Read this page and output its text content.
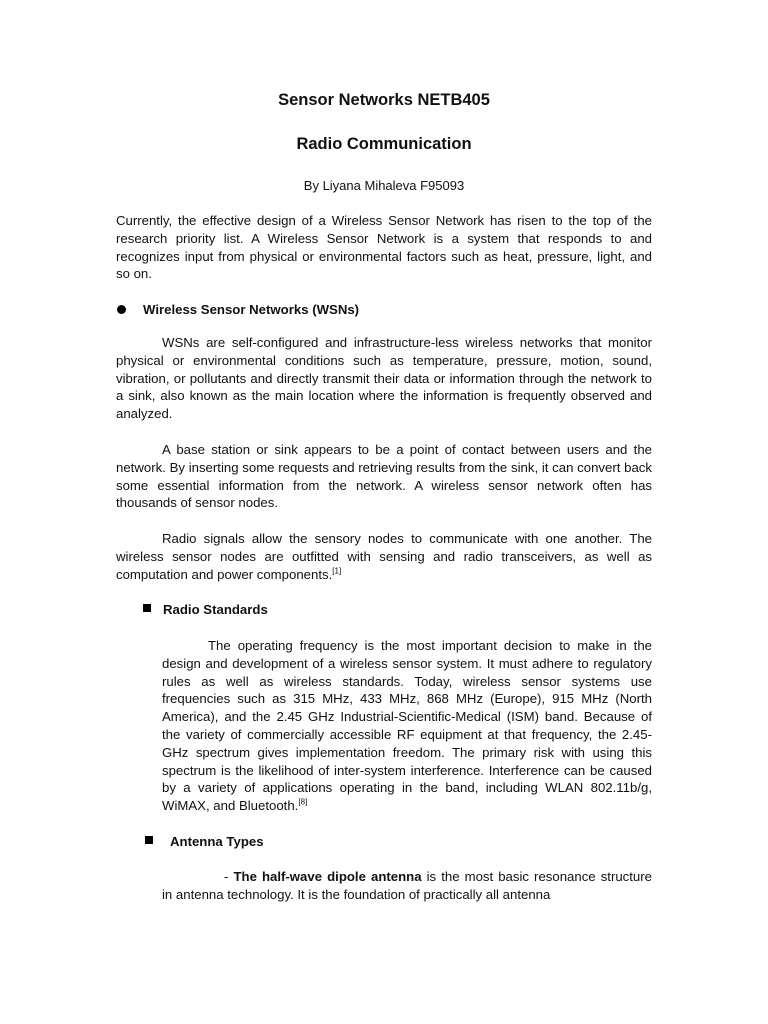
Sensor Networks NETB405
Radio Communication
By Liyana Mihaleva F95093

Currently, the effective design of a Wireless Sensor Network has risen to the top of the research priority list. A Wireless Sensor Network is a system that responds to and recognizes input from physical or environmental factors such as heat, pressure, light, and so on.

Wireless Sensor Networks (WSNs)

WSNs are self-configured and infrastructure-less wireless networks that monitor physical or environmental conditions such as temperature, pressure, motion, sound, vibration, or pollutants and directly transmit their data or information through the network to a sink, also known as the main location where the information is frequently observed and analyzed.

A base station or sink appears to be a point of contact between users and the network. By inserting some requests and retrieving results from the sink, it can convert back some essential information from the network. A wireless sensor network often has thousands of sensor nodes.

Radio signals allow the sensory nodes to communicate with one another. The wireless sensor nodes are outfitted with sensing and radio transceivers, as well as computation and power components.[1]

Radio Standards

The operating frequency is the most important decision to make in the design and development of a wireless sensor system. It must adhere to regulatory rules as well as wireless standards. Today, wireless sensor systems use frequencies such as 315 MHz, 433 MHz, 868 MHz (Europe), 915 MHz (North America), and the 2.45 GHz Industrial-Scientific-Medical (ISM) band. Because of the variety of commercially accessible RF equipment at that frequency, the 2.45-GHz spectrum gives implementation freedom. The primary risk with using this spectrum is the likelihood of inter-system interference. Interference can be caused by a variety of applications operating in the band, including WLAN 802.11b/g, WiMAX, and Bluetooth.[8]

Antenna Types

- The half-wave dipole antenna is the most basic resonance structure in antenna technology. It is the foundation of practically all antenna
